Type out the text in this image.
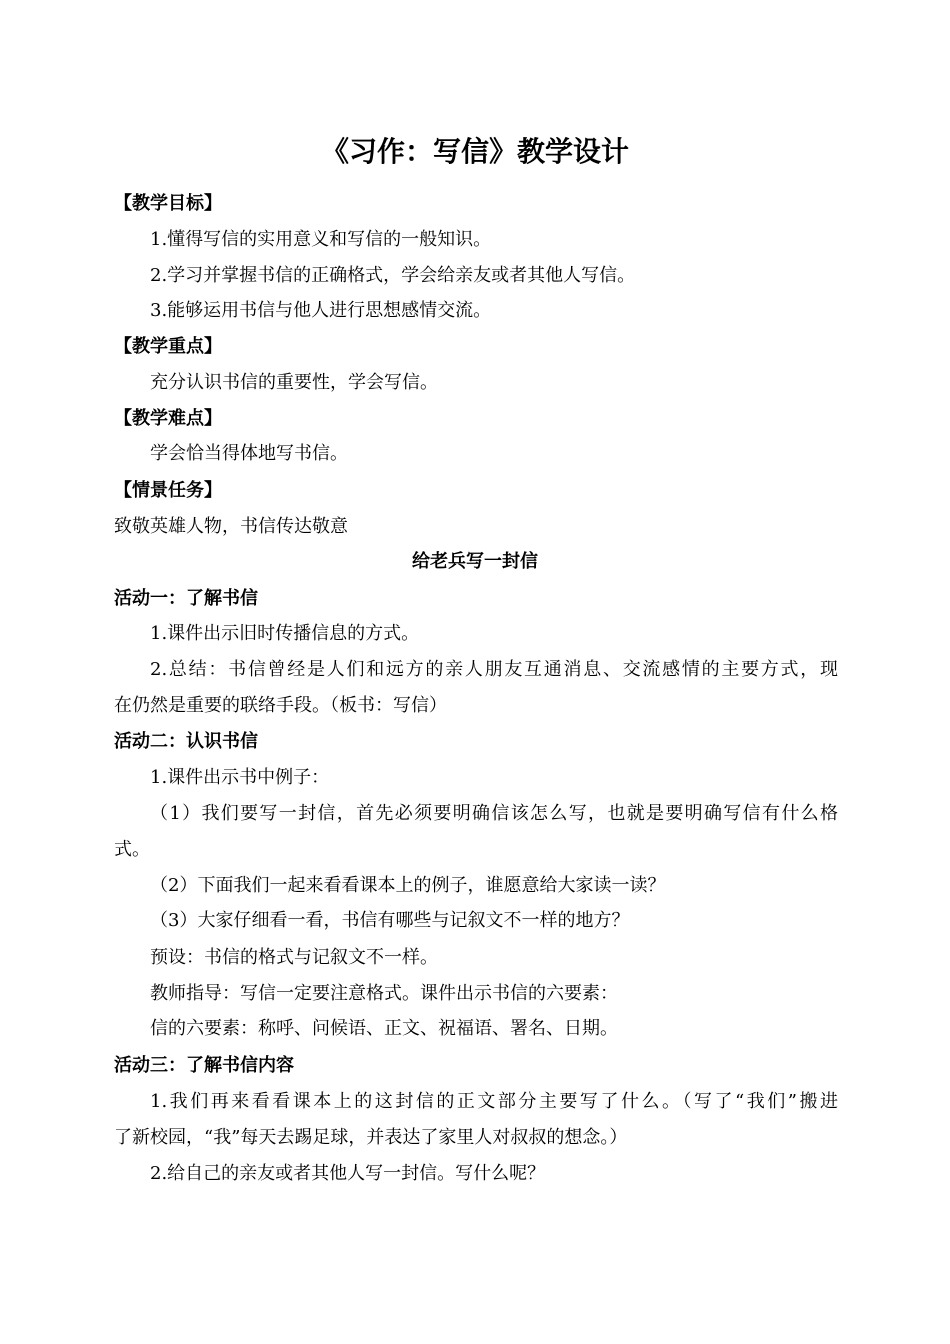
《习作：写信》教学设计
【教学目标】
1.懂得写信的实用意义和写信的一般知识。
2.学习并掌握书信的正确格式，学会给亲友或者其他人写信。
3.能够运用书信与他人进行思想感情交流。
【教学重点】
充分认识书信的重要性，学会写信。
【教学难点】
学会恰当得体地写书信。
【情景任务】
致敬英雄人物，书信传达敬意
给老兵写一封信
活动一：了解书信
1.课件出示旧时传播信息的方式。
2.总结：书信曾经是人们和远方的亲人朋友互通消息、交流感情的主要方式，现
在仍然是重要的联络手段。（板书：写信）
活动二：认识书信
1.课件出示书中例子：
（1）我们要写一封信，首先必须要明确信该怎么写，也就是要明确写信有什么格
式。
（2）下面我们一起来看看课本上的例子，谁愿意给大家读一读？
（3）大家仔细看一看，书信有哪些与记叙文不一样的地方？
预设：书信的格式与记叙文不一样。
教师指导：写信一定要注意格式。课件出示书信的六要素：
信的六要素：称呼、问候语、正文、祝福语、署名、日期。
活动三：了解书信内容
1.我们再来看看课本上的这封信的正文部分主要写了什么。（写了“我们”搬进
了新校园，“我”每天去踢足球，并表达了家里人对叔叔的想念。）
2.给自己的亲友或者其他人写一封信。写什么呢？
